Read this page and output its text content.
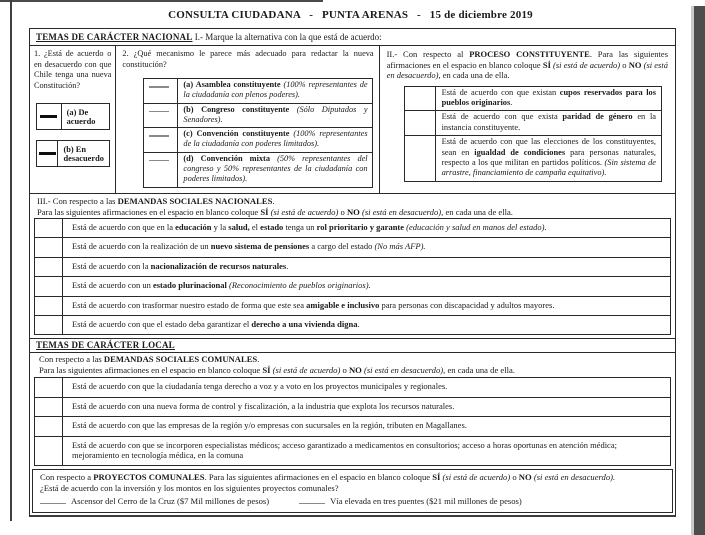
CONSULTA CIUDADANA   -   PUNTA ARENAS   -   15 de diciembre 2019
TEMAS DE CARÁCTER NACIONAL I.- Marque la alternativa con la que está de acuerdo:

1. ¿Está de acuerdo o en desacuerdo con que Chile tenga una nueva Constitución?

(a) De acuerdo
(b) En desacuerdo

2. ¿Qué mecanismo le parece más adecuado para redactar la nueva constitución?

(a) Asamblea constituyente (100% representantes de la ciudadanía con plenos poderes).
(b) Congreso constituyente (Sólo Diputados y Senadores).
(c) Convención constituyente (100% representantes de la ciudadanía con poderes limitados).
(d) Convención mixta (50% representantes del congreso y 50% representantes de la ciudadanía con poderes limitados).

II.- Con respecto al PROCESO CONSTITUYENTE. Para las siguientes afirmaciones en el espacio en blanco coloque SÍ (si está de acuerdo) o NO (si está en desacuerdo), en cada una de ella.

Está de acuerdo con que existan cupos reservados para los pueblos originarios.
Está de acuerdo con que exista paridad de género en la instancia constituyente.
Está de acuerdo con que las elecciones de los constituyentes, sean en igualdad de condiciones para personas naturales, respecto a los que militan en partidos políticos. (Sin sistema de arrastre, financiamiento de campaña equitativo).
III.- Con respecto a las DEMANDAS SOCIALES NACIONALES.
Para las siguientes afirmaciones en el espacio en blanco coloque SÍ (si está de acuerdo) o NO (si está en desacuerdo), en cada una de ella.
Está de acuerdo con que en la educación y la salud, el estado tenga un rol prioritario y garante (educación y salud en manos del estado).
Está de acuerdo con la realización de un nuevo sistema de pensiones a cargo del estado (No más AFP).
Está de acuerdo con la nacionalización de recursos naturales.
Está de acuerdo con un estado plurinacional (Reconocimiento de pueblos originarios).
Está de acuerdo con trasformar nuestro estado de forma que este sea amigable e inclusivo para personas con discapacidad y adultos mayores.
Está de acuerdo con que el estado deba garantizar el derecho a una vivienda digna.
TEMAS DE CARÁCTER LOCAL
Con respecto a las DEMANDAS SOCIALES COMUNALES.
Para las siguientes afirmaciones en el espacio en blanco coloque SÍ (si está de acuerdo) o NO (si está en desacuerdo), en cada una de ella.
Está de acuerdo con que la ciudadanía tenga derecho a voz y a voto en los proyectos municipales y regionales.
Está de acuerdo con una nueva forma de control y fiscalización, a la industria que explota los recursos naturales.
Está de acuerdo con que las empresas de la región y/o empresas con sucursales en la región, tributen en Magallanes.
Está de acuerdo con que se incorporen especialistas médicos; acceso garantizado a medicamentos en consultorios; acceso a horas oportunas en atención médica; mejoramiento en tecnología médica, en la comuna
Con respecto a PROYECTOS COMUNALES. Para las siguientes afirmaciones en el espacio en blanco coloque SÍ (si está de acuerdo) o NO (si está en desacuerdo).
¿Está de acuerdo con la inversión y los montos en los siguientes proyectos comunales?
Ascensor del Cerro de la Cruz ($7 Mil millones de pesos)	Vía elevada en tres puentes ($21 mil millones de pesos)
